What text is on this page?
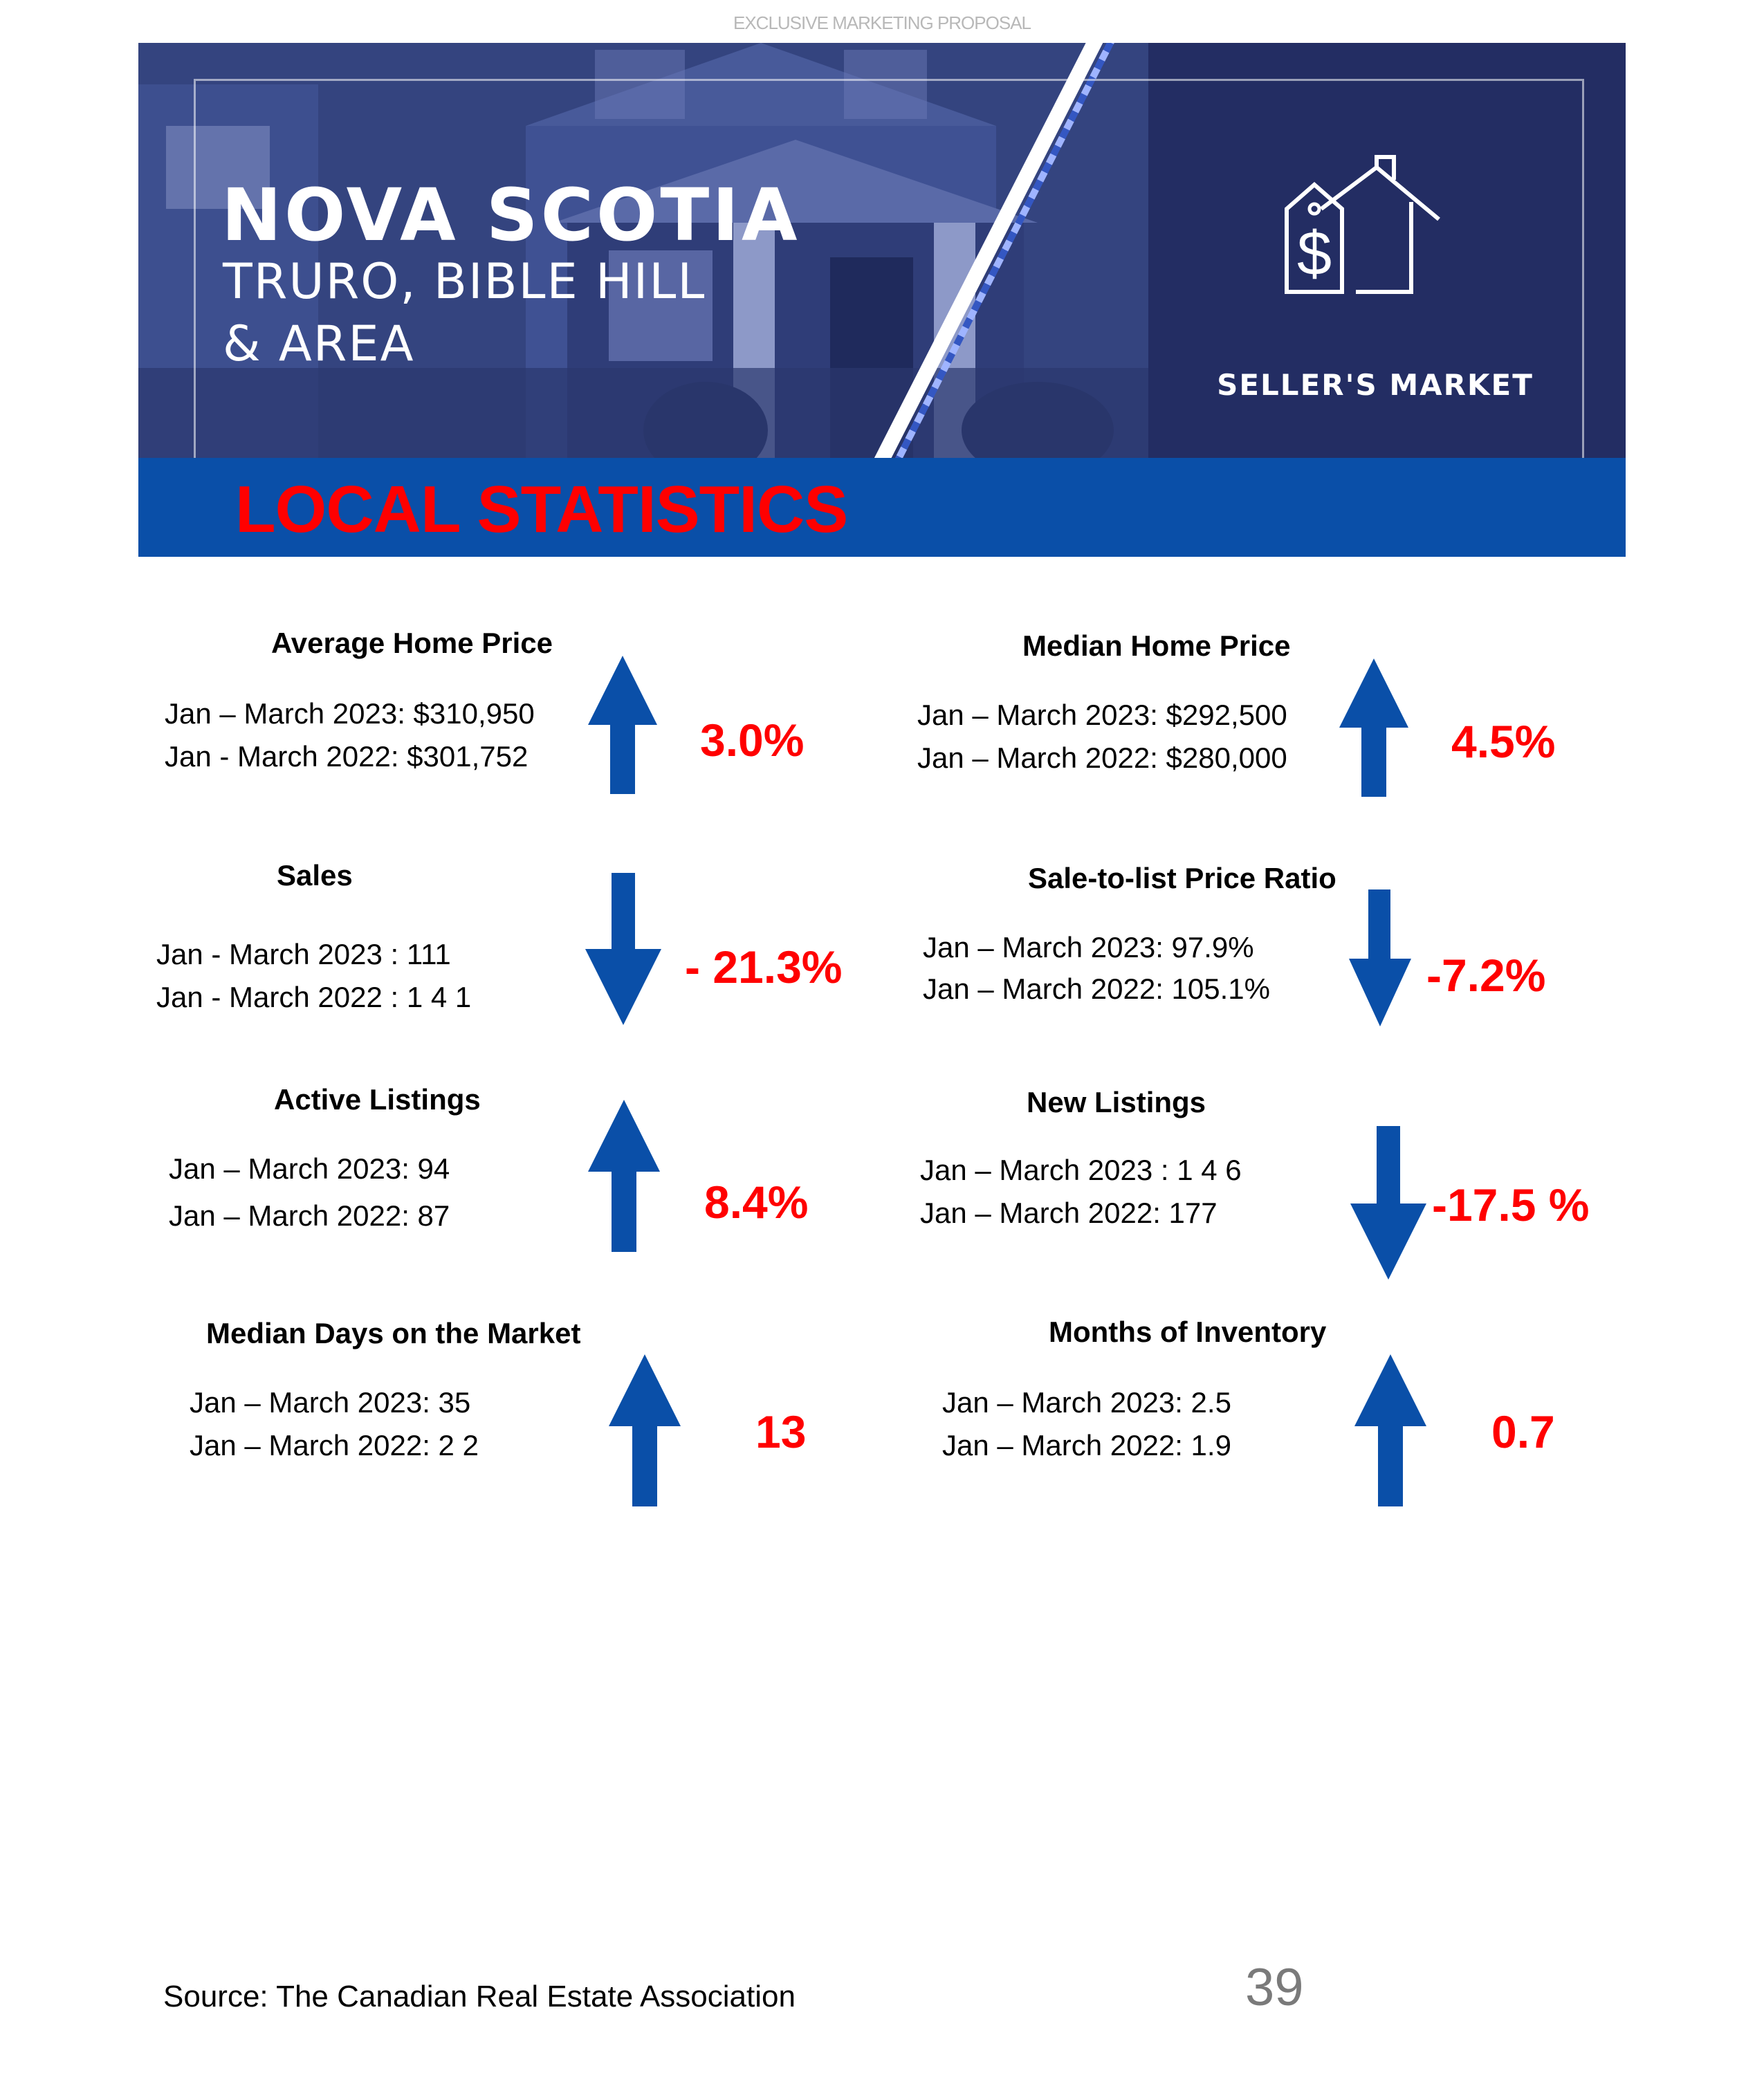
EXCLUSIVE MARKETING PROPOSAL
NOVA SCOTIA
TRURO, BIBLE HILL
& AREA
$
SELLER'S MARKET
LOCAL STATISTICS
Average Home Price
Jan – March 2023: $310,950
Jan - March 2022: $301,752	3.0%
Median Home Price
Jan – March 2023: $292,500
Jan – March 2022: $280,000	4.5%
Sales
Jan - March 2023 : 111
Jan - March 2022 : 1 4 1
- 21.3%
Sale-to-list Price Ratio
Jan – March 2023: 97.9%
Jan – March 2022: 105.1%	-7.2%
Active Listings
Jan – March 2023: 94
Jan – March 2022: 87	8.4%
New Listings
Jan – March 2023 : 1 4 6
Jan – March 2022: 177	-17.5 %
Median Days on the Market
Jan – March 2023: 35
Jan – March 2022: 2 2	13
Months of Inventory
Jan – March 2023: 2.5
Jan – March 2022: 1.9	0.7
Source: The Canadian Real Estate Association	39
